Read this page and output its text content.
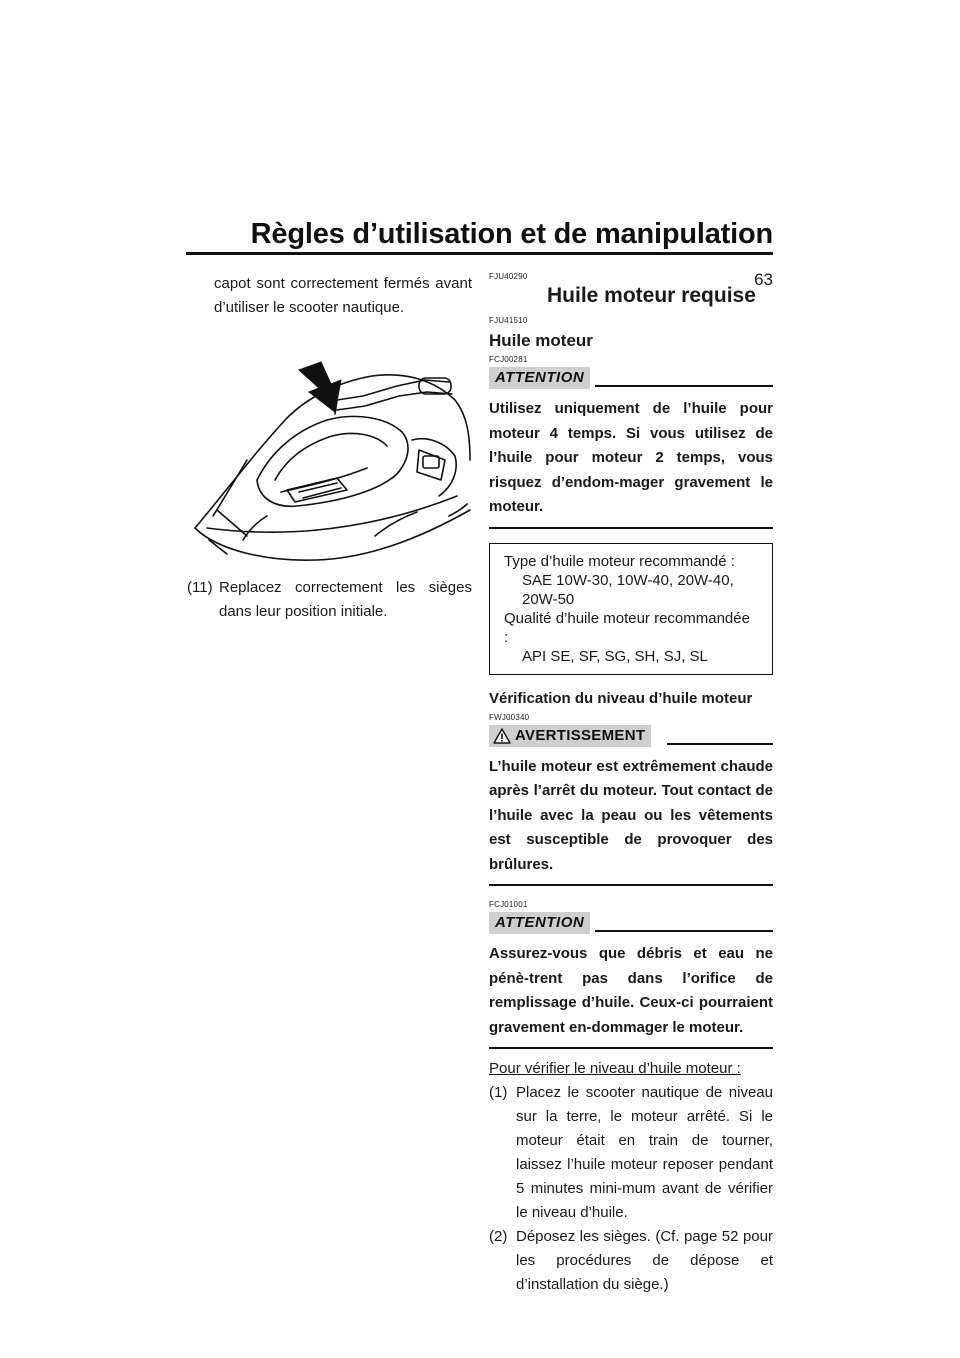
Règles d’utilisation et de manipulation
63
capot sont correctement fermés avant d’utiliser le scooter nautique.
(11) Replacez correctement les sièges dans leur position initiale.
FJU40290
Huile moteur requise
FJU41510
Huile moteur
FCJ00281
ATTENTION
Utilisez uniquement de l’huile pour moteur 4 temps. Si vous utilisez de l’huile pour moteur 2 temps, vous risquez d’endom-mager gravement le moteur.
Type d’huile moteur recommandé :
SAE 10W-30, 10W-40, 20W-40, 20W-50
Qualité d’huile moteur recommandée :
API SE, SF, SG, SH, SJ, SL
Vérification du niveau d’huile moteur
FWJ00340
AVERTISSEMENT
L’huile moteur est extrêmement chaude après l’arrêt du moteur. Tout contact de l’huile avec la peau ou les vêtements est susceptible de provoquer des brûlures.
FCJ01001
ATTENTION
Assurez-vous que débris et eau ne pénè-trent pas dans l’orifice de remplissage d’huile. Ceux-ci pourraient gravement en-dommager le moteur.
Pour vérifier le niveau d’huile moteur :
(1) Placez le scooter nautique de niveau sur la terre, le moteur arrêté. Si le moteur était en train de tourner, laissez l’huile moteur reposer pendant 5 minutes mini-mum avant de vérifier le niveau d’huile.
(2) Déposez les sièges. (Cf. page 52 pour les procédures de dépose et d’installation du siège.)
